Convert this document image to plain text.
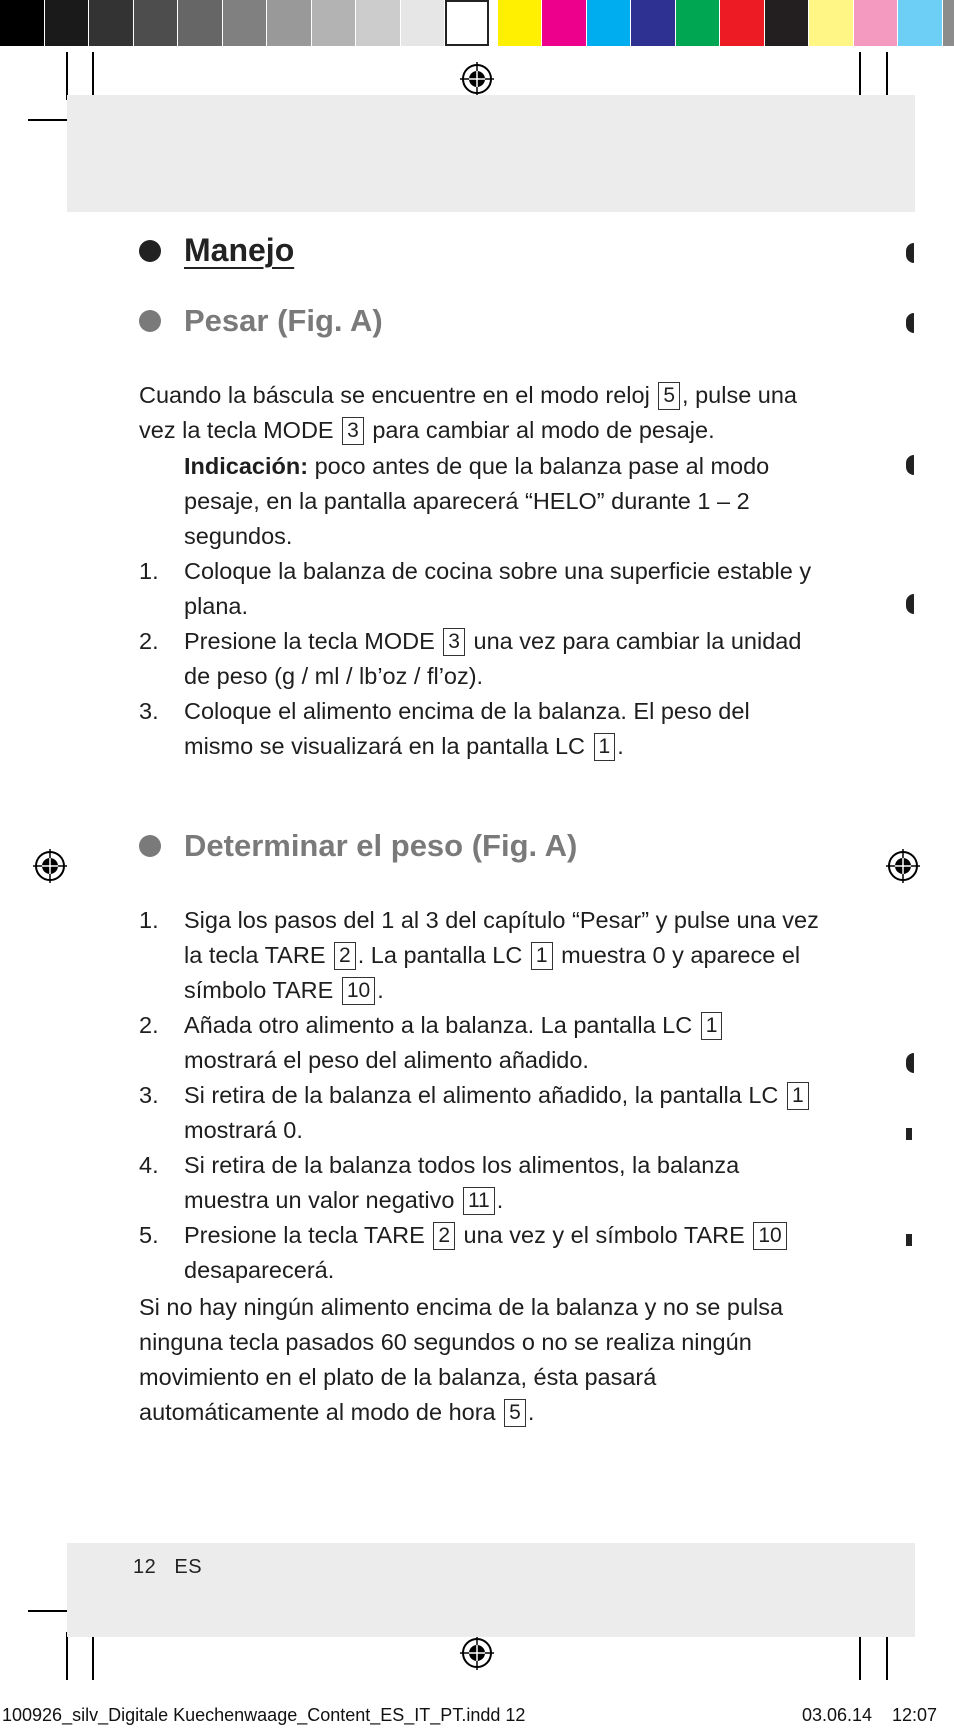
Manejo
Pesar (Fig. A)
Cuando la báscula se encuentre en el modo reloj 5 , pulse una vez la tecla MODE 3 para cambiar al modo de pesaje.
Indicación: poco antes de que la balanza pase al modo pesaje, en la pantalla aparecerá “HELO” durante 1 – 2 segundos.
1. Coloque la balanza de cocina sobre una superficie estable y plana.
2. Presione la tecla MODE 3 una vez para cambiar la unidad de peso (g / ml / lb’oz / fl’oz).
3. Coloque el alimento encima de la balanza. El peso del mismo se visualizará en la pantalla LC 1 .
Determinar el peso (Fig. A)
1. Siga los pasos del 1 al 3 del capítulo “Pesar” y pulse una vez la tecla TARE 2 . La pantalla LC 1 muestra 0 y aparece el símbolo TARE 10 .
2. Añada otro alimento a la balanza. La pantalla LC 1 mostrará el peso del alimento añadido.
3. Si retira de la balanza el alimento añadido, la pantalla LC 1 mostrará 0.
4. Si retira de la balanza todos los alimentos, la balanza muestra un valor negativo 11 .
5. Presione la tecla TARE 2 una vez y el símbolo TARE 10 desaparecerá.
Si no hay ningún alimento encima de la balanza y no se pulsa ninguna tecla pasados 60 segundos o no se realiza ningún movimiento en el plato de la balanza, ésta pasará automáticamente al modo de hora 5 .
12 ES
100926_silv_Digitale Kuechenwaage_Content_ES_IT_PT.indd 12	03.06.14 12:07
